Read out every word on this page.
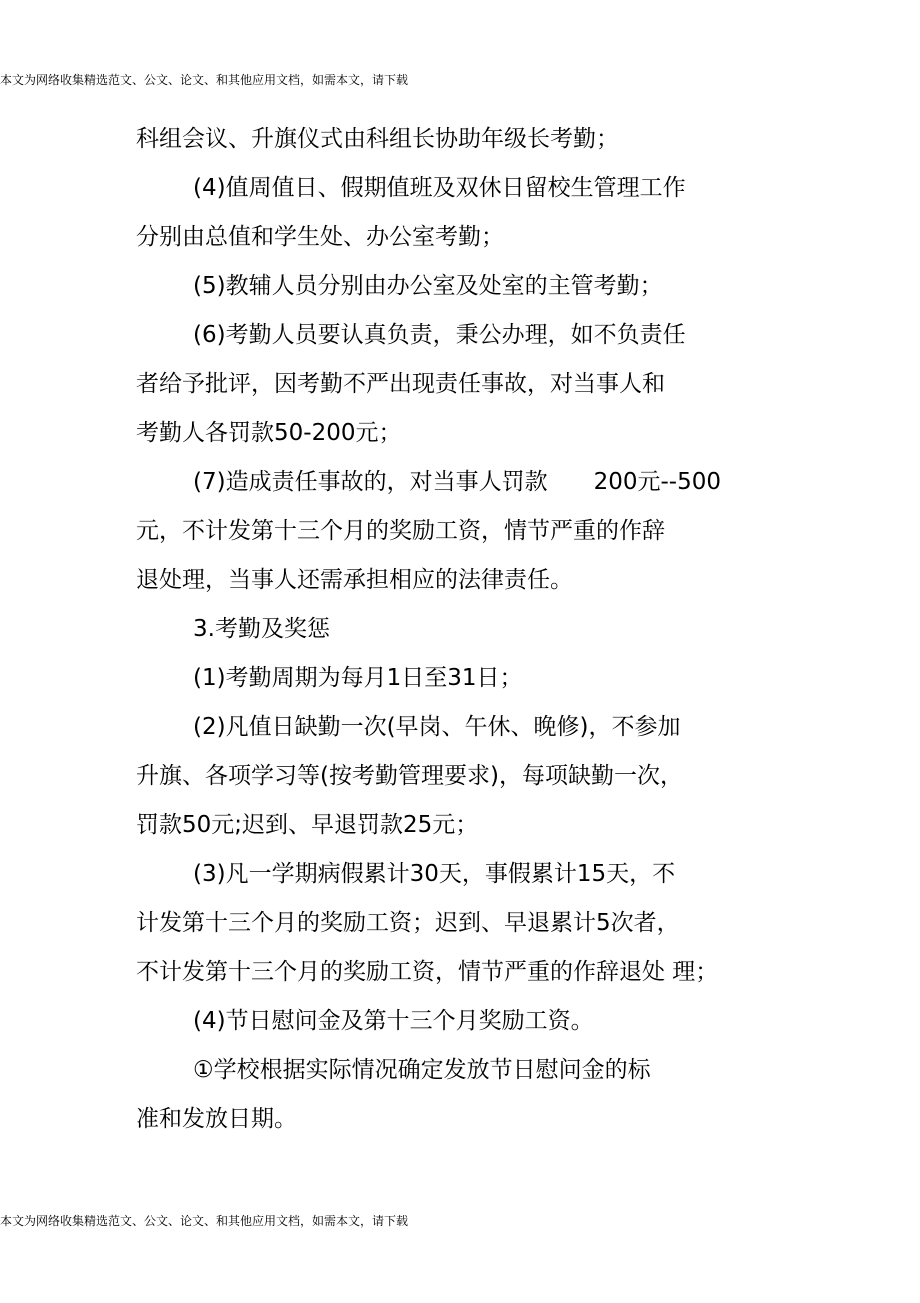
本文为网络收集精选范文、公文、论文、和其他应用文档，如需本文，请下载
科组会议、升旗仪式由科组长协助年级长考勤；
(4)值周值日、假期值班及双休日留校生管理工作
分别由总值和学生处、办公室考勤；
(5)教辅人员分别由办公室及处室的主管考勤；
(6)考勤人员要认真负责，秉公办理，如不负责任
者给予批评，因考勤不严出现责任事故，对当事人和
考勤人各罚款50-200元；
(7)造成责任事故的，对当事人罚款 200元--500
元，不计发第十三个月的奖励工资，情节严重的作辞
退处理，当事人还需承担相应的法律责任。
3.考勤及奖惩
(1)考勤周期为每月1日至31日；
(2)凡值日缺勤一次(早岗、午休、晚修)，不参加
升旗、各项学习等(按考勤管理要求)，每项缺勤一次，
罚款50元;迟到、早退罚款25元；
(3)凡一学期病假累计30天，事假累计15天，不
计发第十三个月的奖励工资；迟到、早退累计5次者，
不计发第十三个月的奖励工资，情节严重的作辞退处 理；
(4)节日慰问金及第十三个月奖励工资。
①学校根据实际情况确定发放节日慰问金的标
准和发放日期。
本文为网络收集精选范文、公文、论文、和其他应用文档，如需本文，请下载
